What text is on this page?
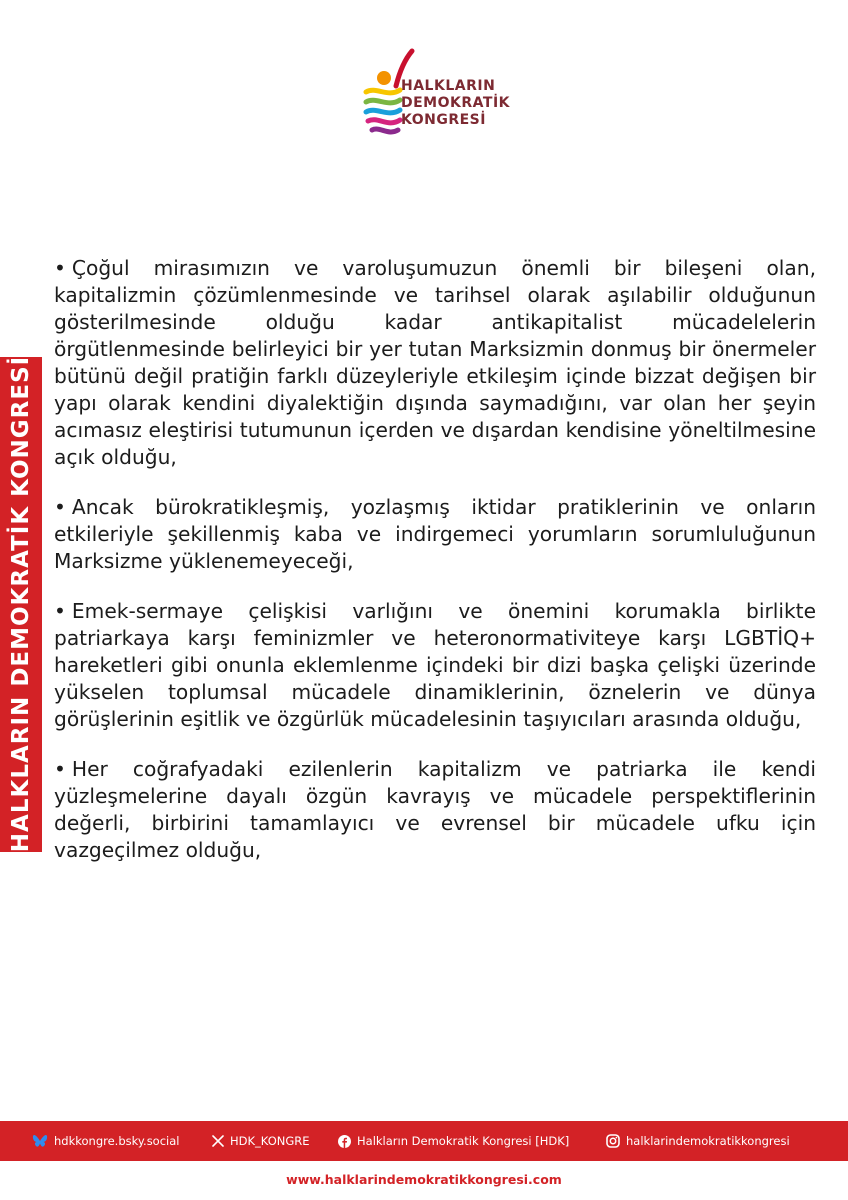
HALKLARIN
DEMOKRATİK
KONGRESİ
HALKLARIN DEMOKRATİK KONGRESİ

• Çoğul mirasımızın ve varoluşumuzun önemli bir bileşeni olan, kapitalizmin çözümlenmesinde ve tarihsel olarak aşılabilir olduğunun gösterilmesinde olduğu kadar antikapitalist mücadelelerin örgütlenmesinde belirleyici bir yer tutan Marksizmin donmuş bir önermeler bütünü değil pratiğin farklı düzeyleriyle etkileşim içinde bizzat değişen bir yapı olarak kendini diyalektiğin dışında saymadığını, var olan her şeyin acımasız eleştirisi tutumunun içerden ve dışardan kendisine yöneltilmesine açık olduğu,

• Ancak bürokratikleşmiş, yozlaşmış iktidar pratiklerinin ve onların etkileriyle şekillenmiş kaba ve indirgemeci yorumların sorumluluğunun Marksizme yüklenemeyeceği,

• Emek-sermaye çelişkisi varlığını ve önemini korumakla birlikte patriarkaya karşı feminizmler ve heteronormativiteye karşı LGBTİQ+ hareketleri gibi onunla eklemlenme içindeki bir dizi başka çelişki üzerinde yükselen toplumsal mücadele dinamiklerinin, öznelerin ve dünya görüşlerinin eşitlik ve özgürlük mücadelesinin taşıyıcıları arasında olduğu,

• Her coğrafyadaki ezilenlerin kapitalizm ve patriarka ile kendi yüzleşmelerine dayalı özgün kavrayış ve mücadele perspektiflerinin değerli, birbirini tamamlayıcı ve evrensel bir mücadele ufku için vazgeçilmez olduğu,

hdkkongre.bsky.social	HDK_KONGRE	Halkların Demokratik Kongresi [HDK]	halklarindemokratikkongresi
www.halklarindemokratikkongresi.com
